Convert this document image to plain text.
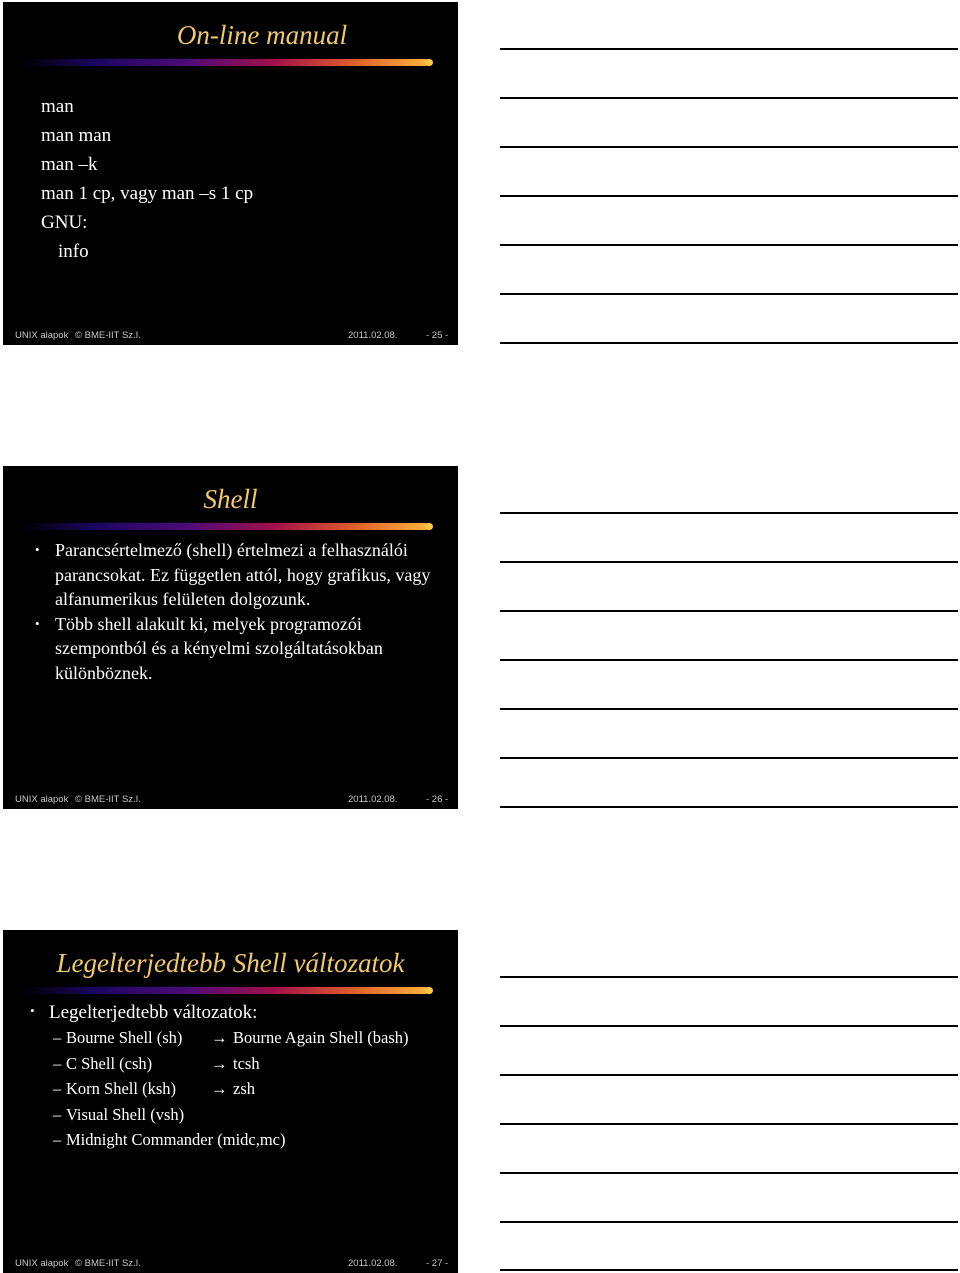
On-line manual
man
man man
man –k
man 1 cp, vagy man –s 1 cp
GNU:
info
UNIX alapok © BME-IIT Sz.I.	2011.02.08.	- 25 -
Shell
• Parancsértelmező (shell) értelmezi a felhasználói parancsokat. Ez független attól, hogy grafikus, vagy alfanumerikus felületen dolgozunk.
• Több shell alakult ki, melyek programozói szempontból és a kényelmi szolgáltatásokban különböznek.
UNIX alapok © BME-IIT Sz.I.	2011.02.08.	- 26 -
Legelterjedtebb Shell változatok
• Legelterjedtebb változatok:
– Bourne Shell (sh) → Bourne Again Shell (bash)
– C Shell (csh)	→ tcsh
– Korn Shell (ksh) → zsh
– Visual Shell (vsh)
– Midnight Commander (midc,mc)
UNIX alapok © BME-IIT Sz.I.	2011.02.08.	- 27 -
